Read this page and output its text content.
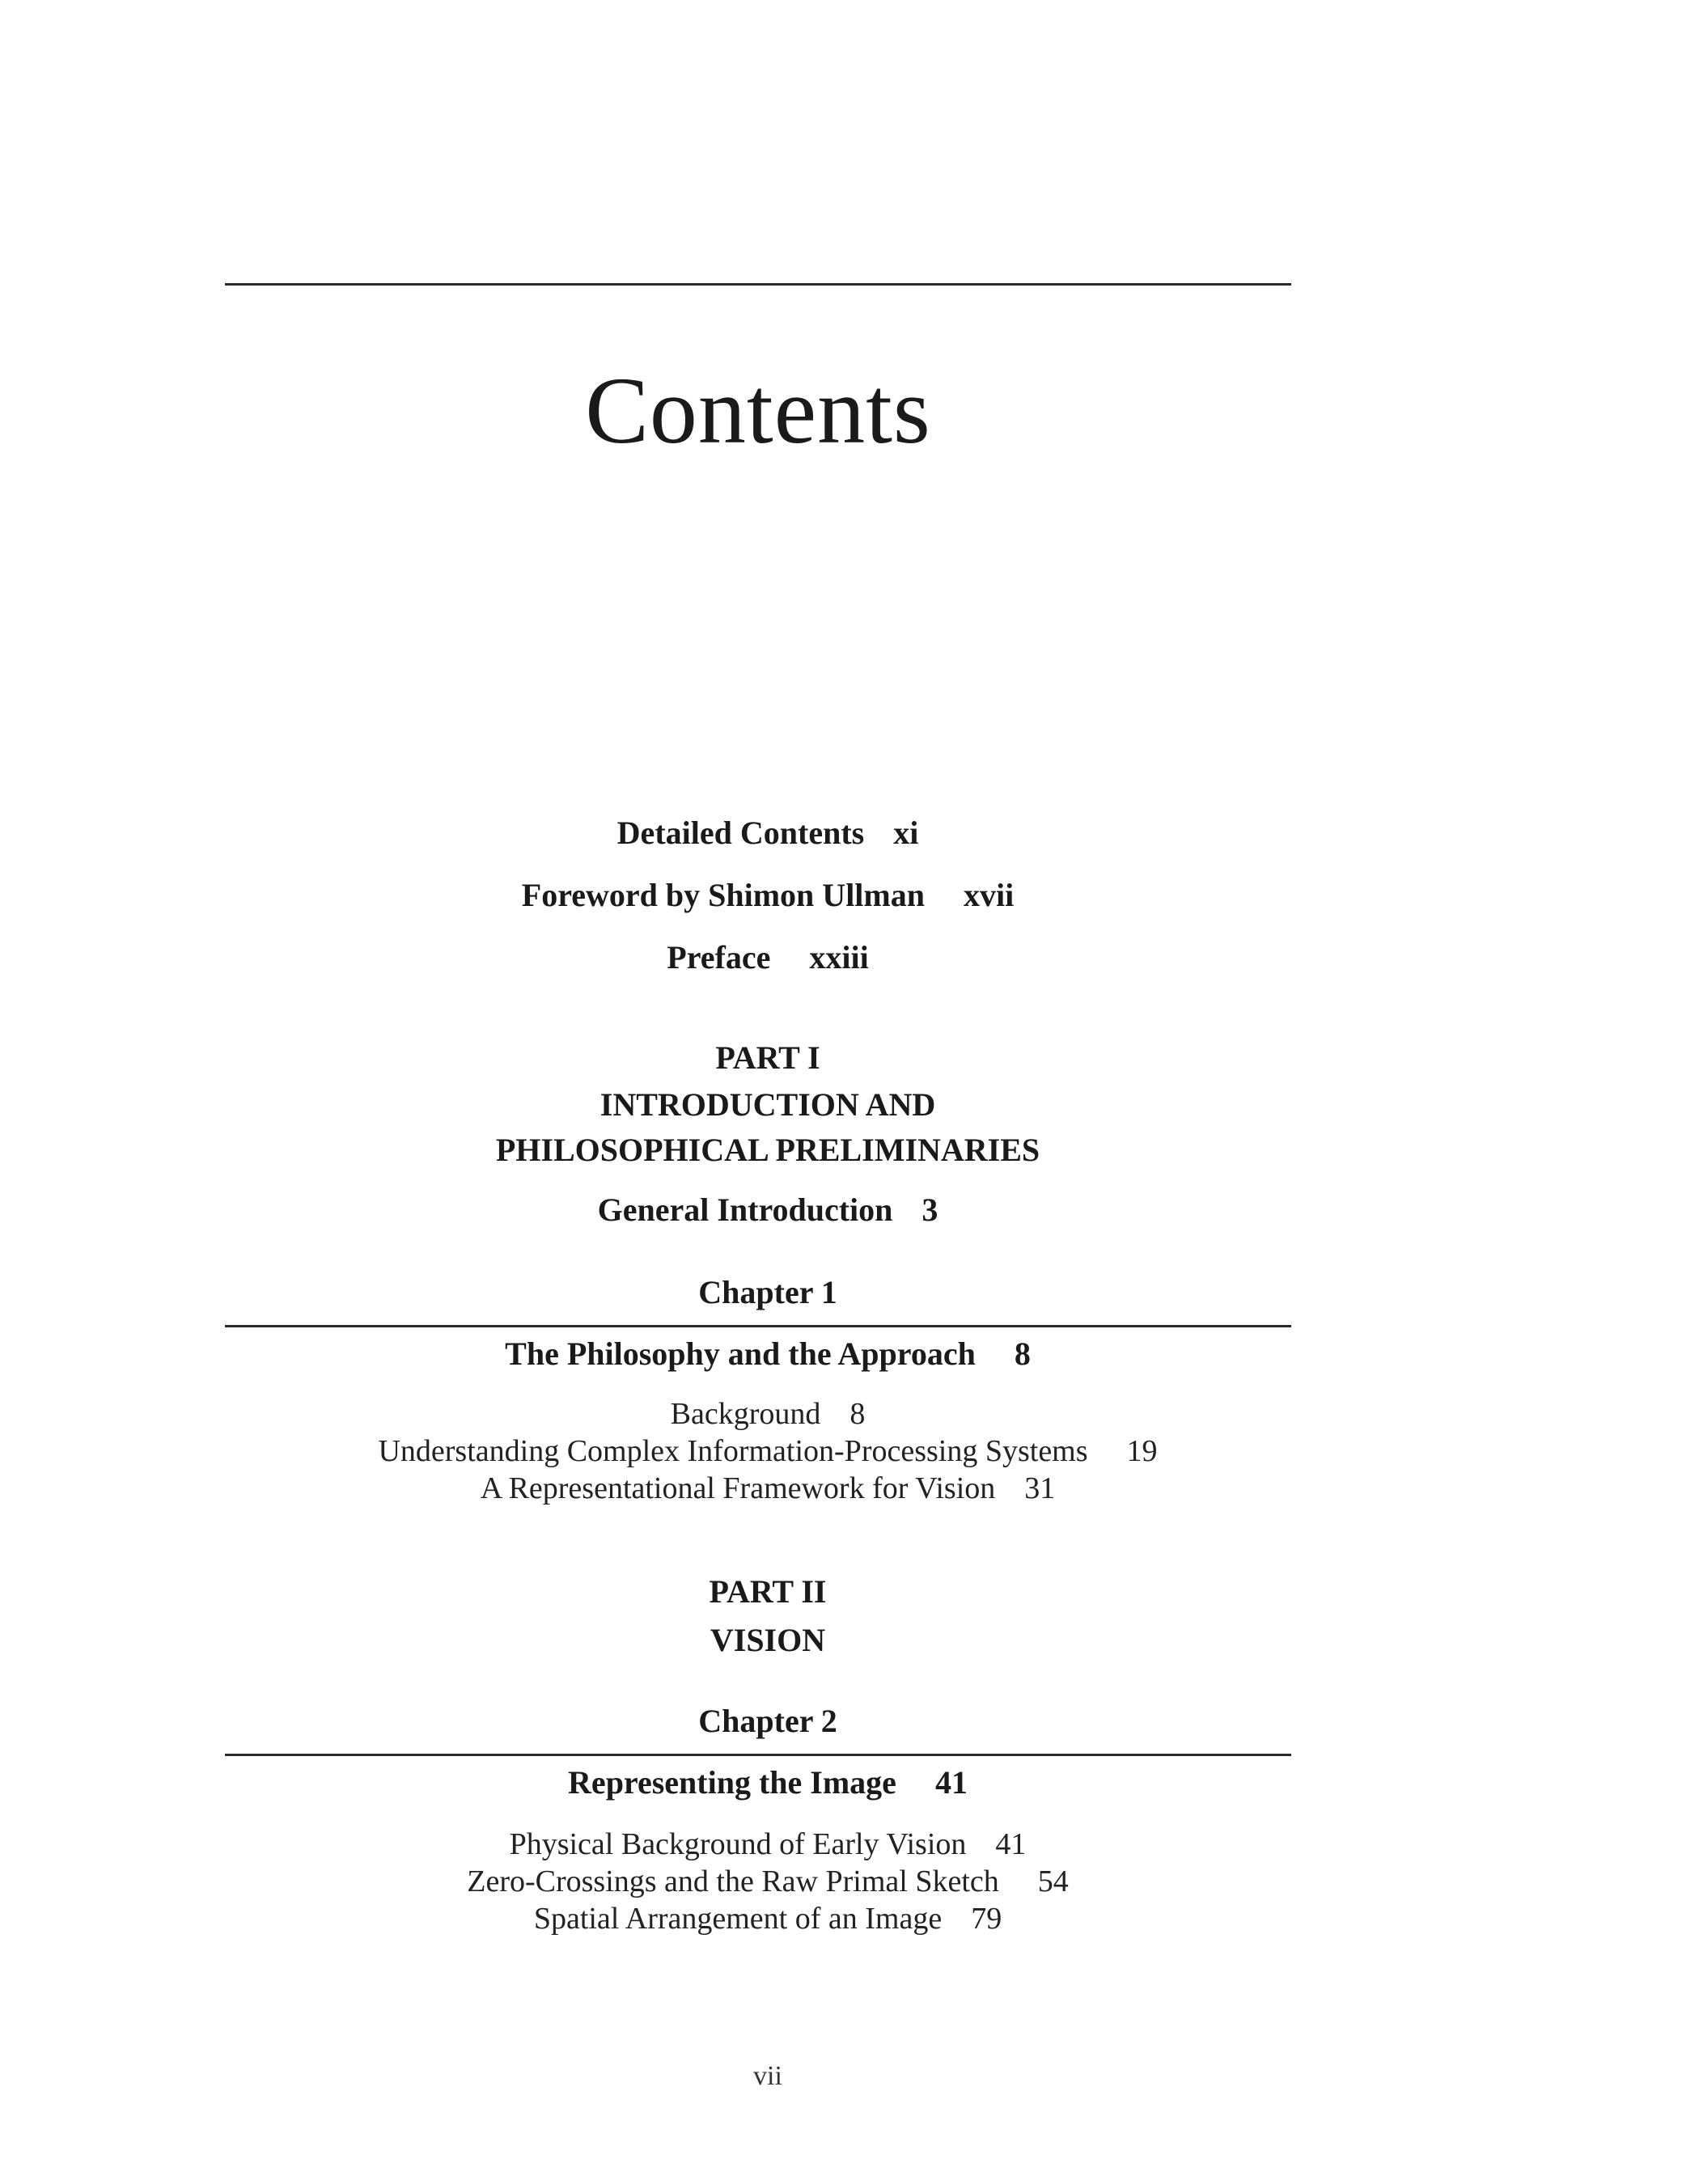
Contents
Detailed Contents xi
Foreword by Shimon Ullman xvii
Preface xxiii
PART I
INTRODUCTION AND
PHILOSOPHICAL PRELIMINARIES
General Introduction 3
Chapter 1
The Philosophy and the Approach 8
Background 8
Understanding Complex Information-Processing Systems 19
A Representational Framework for Vision 31
PART II
VISION
Chapter 2
Representing the Image 41
Physical Background of Early Vision 41
Zero-Crossings and the Raw Primal Sketch 54
Spatial Arrangement of an Image 79
vii
